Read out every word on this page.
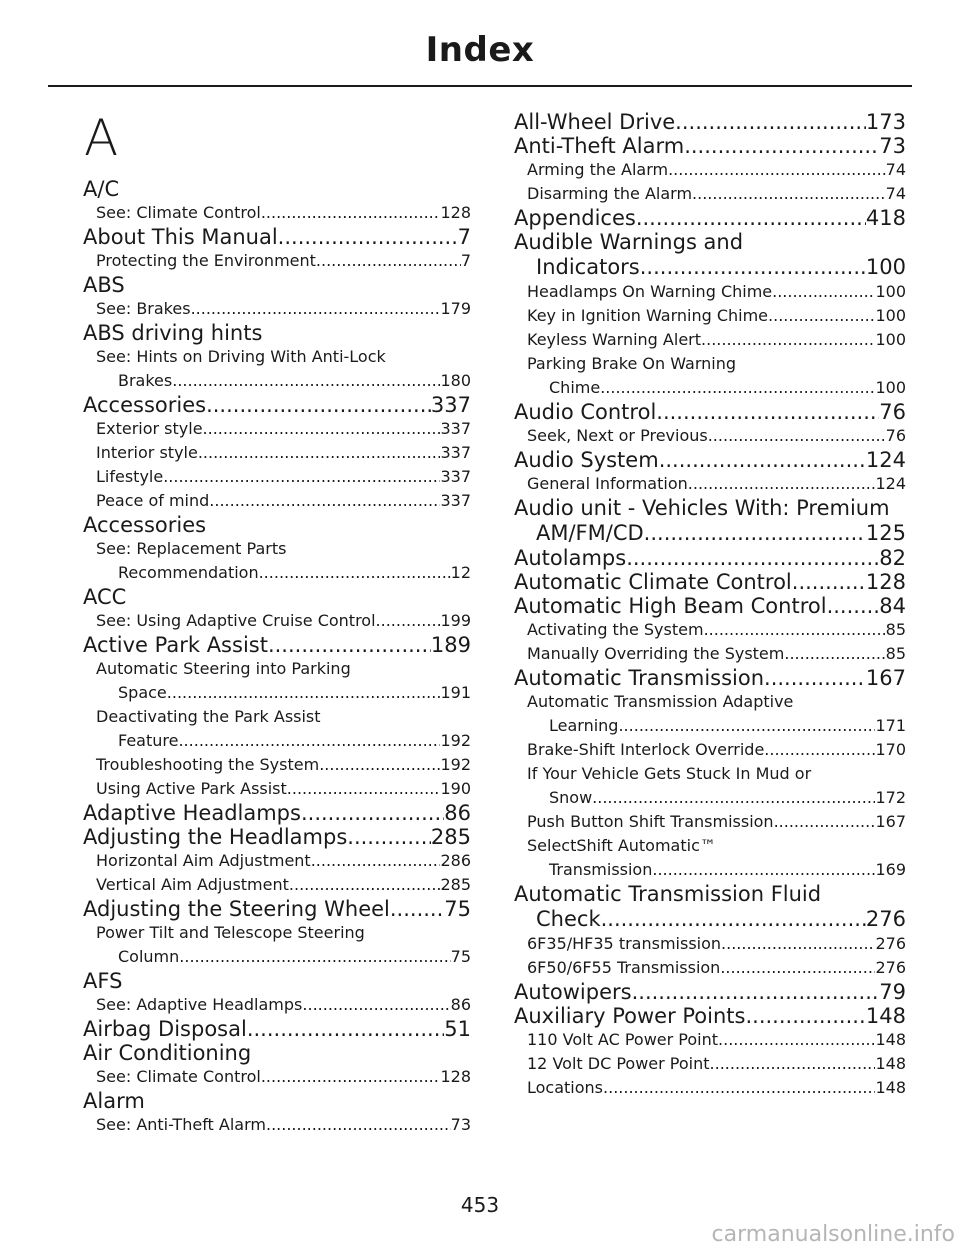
Index
A
A/C
See: Climate Control .....	128
About This Manual .....	7
Protecting the Environment .....	7
ABS
See: Brakes .....	179
ABS driving hints
See: Hints on Driving With Anti-Lock
Brakes .....	180
Accessories .....	337
Exterior style .....	337
Interior style .....	337
Lifestyle .....	337
Peace of mind .....	337
Accessories
See: Replacement Parts
Recommendation .....	12
ACC
See: Using Adaptive Cruise Control .....	199
Active Park Assist .....	189
Automatic Steering into Parking
Space .....	191
Deactivating the Park Assist
Feature .....	192
Troubleshooting the System .....	192
Using Active Park Assist .....	190
Adaptive Headlamps .....	86
Adjusting the Headlamps .....	285
Horizontal Aim Adjustment .....	286
Vertical Aim Adjustment .....	285
Adjusting the Steering Wheel .....	75
Power Tilt and Telescope Steering
Column .....	75
AFS
See: Adaptive Headlamps .....	86
Airbag Disposal .....	51
Air Conditioning
See: Climate Control .....	128
Alarm
See: Anti-Theft Alarm .....	73
All-Wheel Drive .....	173
Anti-Theft Alarm .....	73
Arming the Alarm .....	74
Disarming the Alarm .....	74
Appendices .....	418
Audible Warnings and
Indicators .....	100
Headlamps On Warning Chime .....	100
Key in Ignition Warning Chime .....	100
Keyless Warning Alert .....	100
Parking Brake On Warning
Chime .....	100
Audio Control .....	76
Seek, Next or Previous .....	76
Audio System .....	124
General Information .....	124
Audio unit - Vehicles With: Premium
AM/FM/CD .....	125
Autolamps .....	82
Automatic Climate Control .....	128
Automatic High Beam Control .....	84
Activating the System .....	85
Manually Overriding the System .....	85
Automatic Transmission .....	167
Automatic Transmission Adaptive
Learning .....	171
Brake-Shift Interlock Override .....	170
If Your Vehicle Gets Stuck In Mud or
Snow .....	172
Push Button Shift Transmission .....	167
SelectShift Automatic™
Transmission .....	169
Automatic Transmission Fluid
Check .....	276
6F35/HF35 transmission .....	276
6F50/6F55 Transmission .....	276
Autowipers .....	79
Auxiliary Power Points .....	148
110 Volt AC Power Point .....	148
12 Volt DC Power Point .....	148
Locations .....	148
453
carmanualsonline.info
